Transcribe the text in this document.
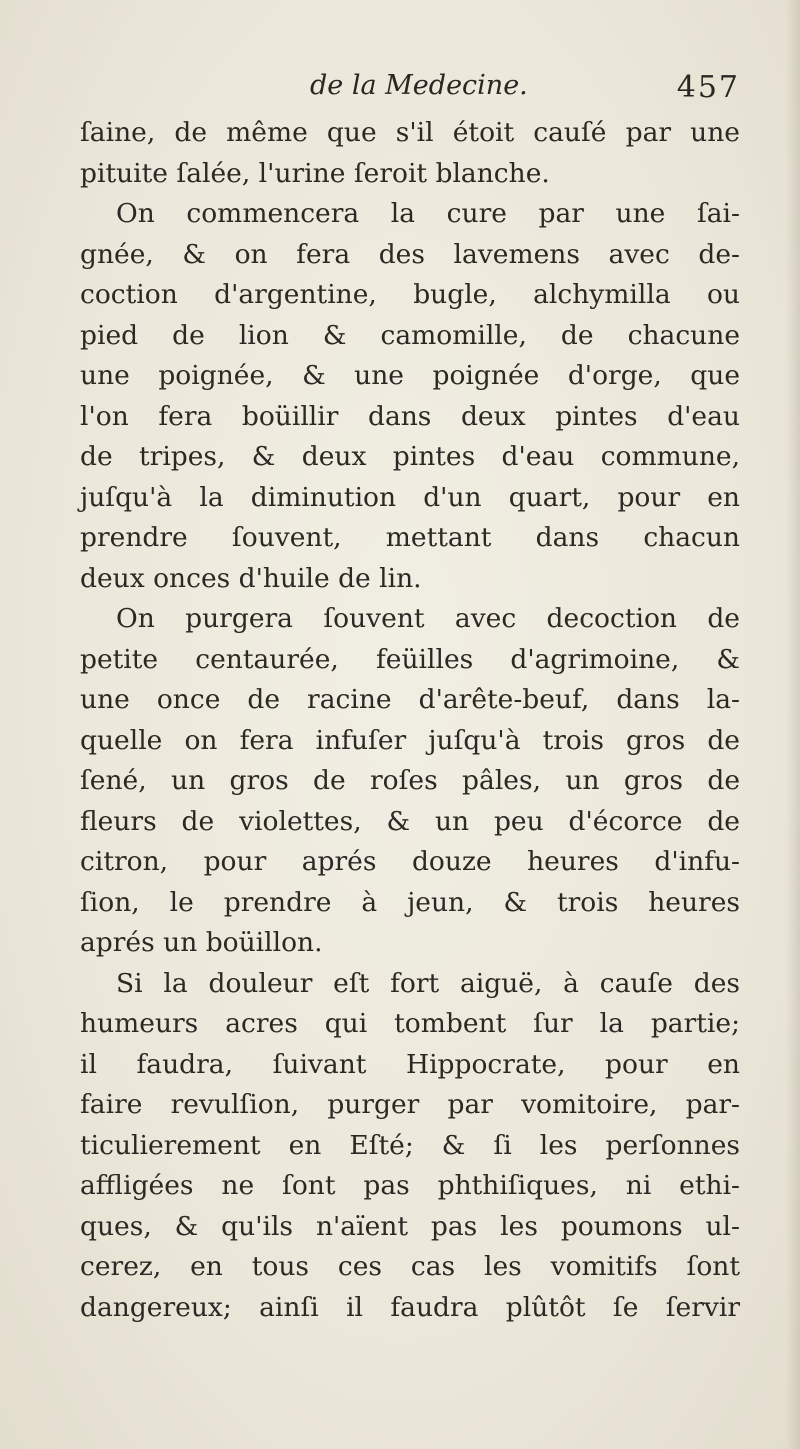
de la Medecine.	457
ſaine, de même que s'il étoit cauſé par une
pituite ſalée, l'urine ſeroit blanche.
On commencera la cure par une ſai-
gnée, & on fera des lavemens avec de-
coction d'argentine, bugle, alchymilla ou
pied de lion & camomille, de chacune
une poignée, & une poignée d'orge, que
l'on fera boüillir dans deux pintes d'eau
de tripes, & deux pintes d'eau commune,
juſqu'à la diminution d'un quart, pour en
prendre ſouvent, mettant dans chacun
deux onces d'huile de lin.
On purgera ſouvent avec decoction de
petite centaurée, feüilles d'agrimoine, &
une once de racine d'arête-beuf, dans la-
quelle on fera infuſer juſqu'à trois gros de
ſené, un gros de roſes pâles, un gros de
fleurs de violettes, & un peu d'écorce de
citron, pour aprés douze heures d'infu-
ſion, le prendre à jeun, & trois heures
aprés un boüillon.
Si la douleur eſt fort aiguë, à cauſe des
humeurs acres qui tombent ſur la partie;
il faudra, ſuivant Hippocrate, pour en
faire revulſion, purger par vomitoire, par-
ticulierement en Eſté; & ſi les perſonnes
affligées ne ſont pas phthiſiques, ni ethi-
ques, & qu'ils n'aïent pas les poumons ul-
cerez, en tous ces cas les vomitifs ſont
dangereux; ainſi il faudra plûtôt ſe ſervir
